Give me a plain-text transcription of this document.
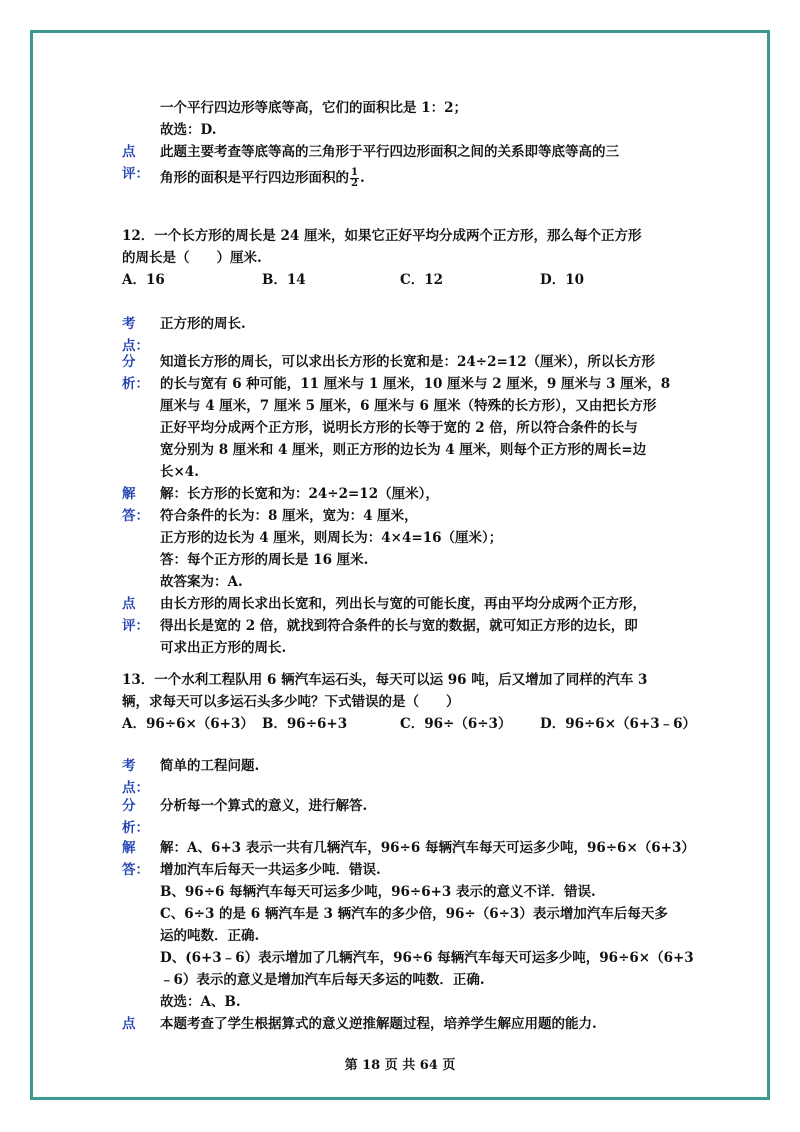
一个平行四边形等底等高，它们的面积比是 1：2；
故选：D.
点
评：
此题主要考查等底等高的三角形于平行四边形面积之间的关系即等底等高的三
角形的面积是平行四边形面积的 $\frac{1}{2}$ .
12．一个长方形的周长是 24 厘米，如果它正好平均分成两个正方形，那么每个正方形
的周长是（　　）厘米.
A．16	B．14	C．12	D．10
考
点：
正方形的周长.
分
析：
知道长方形的周长，可以求出长方形的长宽和是：24÷2=12（厘米），所以长方形
的长与宽有 6 种可能，11 厘米与 1 厘米，10 厘米与 2 厘米，9 厘米与 3 厘米，8
厘米与 4 厘米，7 厘米 5 厘米，6 厘米与 6 厘米（特殊的长方形），又由把长方形
正好平均分成两个正方形，说明长方形的长等于宽的 2 倍，所以符合条件的长与
宽分别为 8 厘米和 4 厘米，则正方形的边长为 4 厘米，则每个正方形的周长=边
长×4.
解
答：
解：长方形的长宽和为：24÷2=12（厘米），
符合条件的长为：8 厘米，宽为：4 厘米，
正方形的边长为 4 厘米，则周长为：4×4=16（厘米）；
答：每个正方形的周长是 16 厘米.
故答案为：A.
点
评：
由长方形的周长求出长宽和，列出长与宽的可能长度，再由平均分成两个正方形，
得出长是宽的 2 倍，就找到符合条件的长与宽的数据，就可知正方形的边长，即
可求出正方形的周长.
13．一个水利工程队用 6 辆汽车运石头，每天可以运 96 吨，后又增加了同样的汽车 3
辆，求每天可以多运石头多少吨？下式错误的是（　　）
A．96÷6×（6+3） B．96÷6+3	C．96÷（6÷3） D．96÷6×（6+3﹣6）
考
点：
简单的工程问题.
分
析：
分析每一个算式的意义，进行解答.
解
答：
解：A、6+3 表示一共有几辆汽车，96÷6 每辆汽车每天可运多少吨，96÷6×（6+3）
增加汽车后每天一共运多少吨．错误.
B、96÷6 每辆汽车每天可运多少吨，96÷6+3 表示的意义不详．错误.
C、6÷3 的是 6 辆汽车是 3 辆汽车的多少倍，96÷（6÷3）表示增加汽车后每天多
运的吨数．正确.
D、(6+3﹣6）表示增加了几辆汽车，96÷6 每辆汽车每天可运多少吨，96÷6×（6+3
﹣6）表示的意义是增加汽车后每天多运的吨数．正确.
故选：A、B.
点 本题考查了学生根据算式的意义逆推解题过程，培养学生解应用题的能力.
第 18 页 共 64 页
